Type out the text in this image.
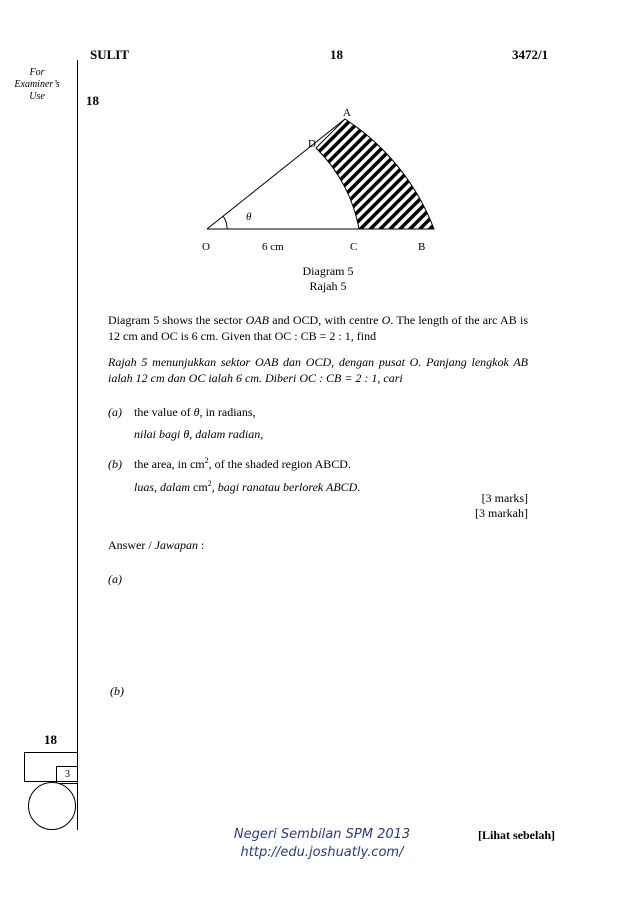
SULIT	18	3472/1
For
Examiner’s
Use	18
θ
A
D
O	6 cm	C	B
Diagram 5
Rajah 5
Diagram 5 shows the sector OAB and OCD, with centre O. The length of the arc AB is 12 cm and OC is 6 cm. Given that OC : CB = 2 : 1, find
Rajah 5 menunjukkan sektor OAB dan OCD, dengan pusat O. Panjang lengkok AB ialah 12 cm dan OC ialah 6 cm. Diberi OC : CB = 2 : 1, cari
(a) the value of θ, in radians,
nilai bagi θ, dalam radian,
(b) the area, in $cm^2$, of the shaded region ABCD.
luas, dalam $cm^2$, bagi ranatau berlorek ABCD.
[3 marks]
[3 markah]
Answer / Jawapan :
(a)
(b)
18
3
Negeri Sembilan SPM 2013
http://edu.joshuatly.com/
[Lihat sebelah]
